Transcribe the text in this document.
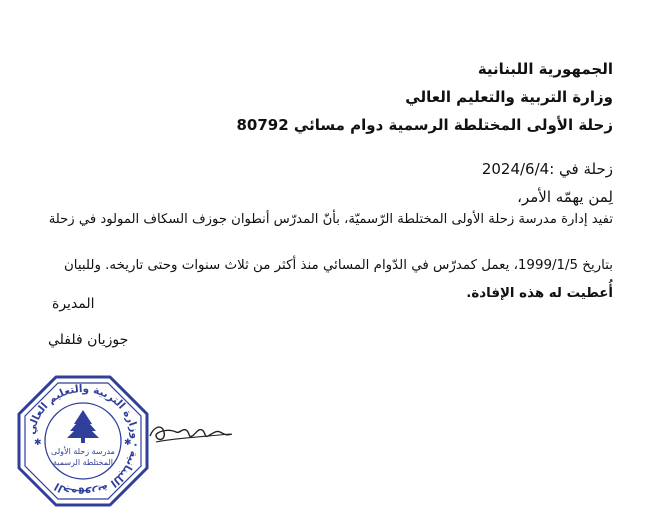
الجمهورية اللبنانية
وزارة التربية والتعليم العالي
زحلة الأولى المختلطة الرسمية دوام مسائي 80792
زحلة في :2024/6/4
لِمن يهمّه الأمر،
تفيد إدارة مدرسة زحلة الأولى المختلطة الرّسميّة، بأنّ المدرّس أنطوان جوزف السكاف المولود في زحلة
بتاريخ 1999/1/5، يعمل كمدرّس في الدّوام المسائي منذ أكثر من ثلاث سنوات وحتى تاريخه. وللبيان
أُعطيت له هذه الإفادة.
المديرة
جوزيان فلفلي
الجمهورية اللبنانية · وزارة التربية والتعليم العالي
مدرسة زحلة الأولى
المختلطة الرسمية
✱	✱
